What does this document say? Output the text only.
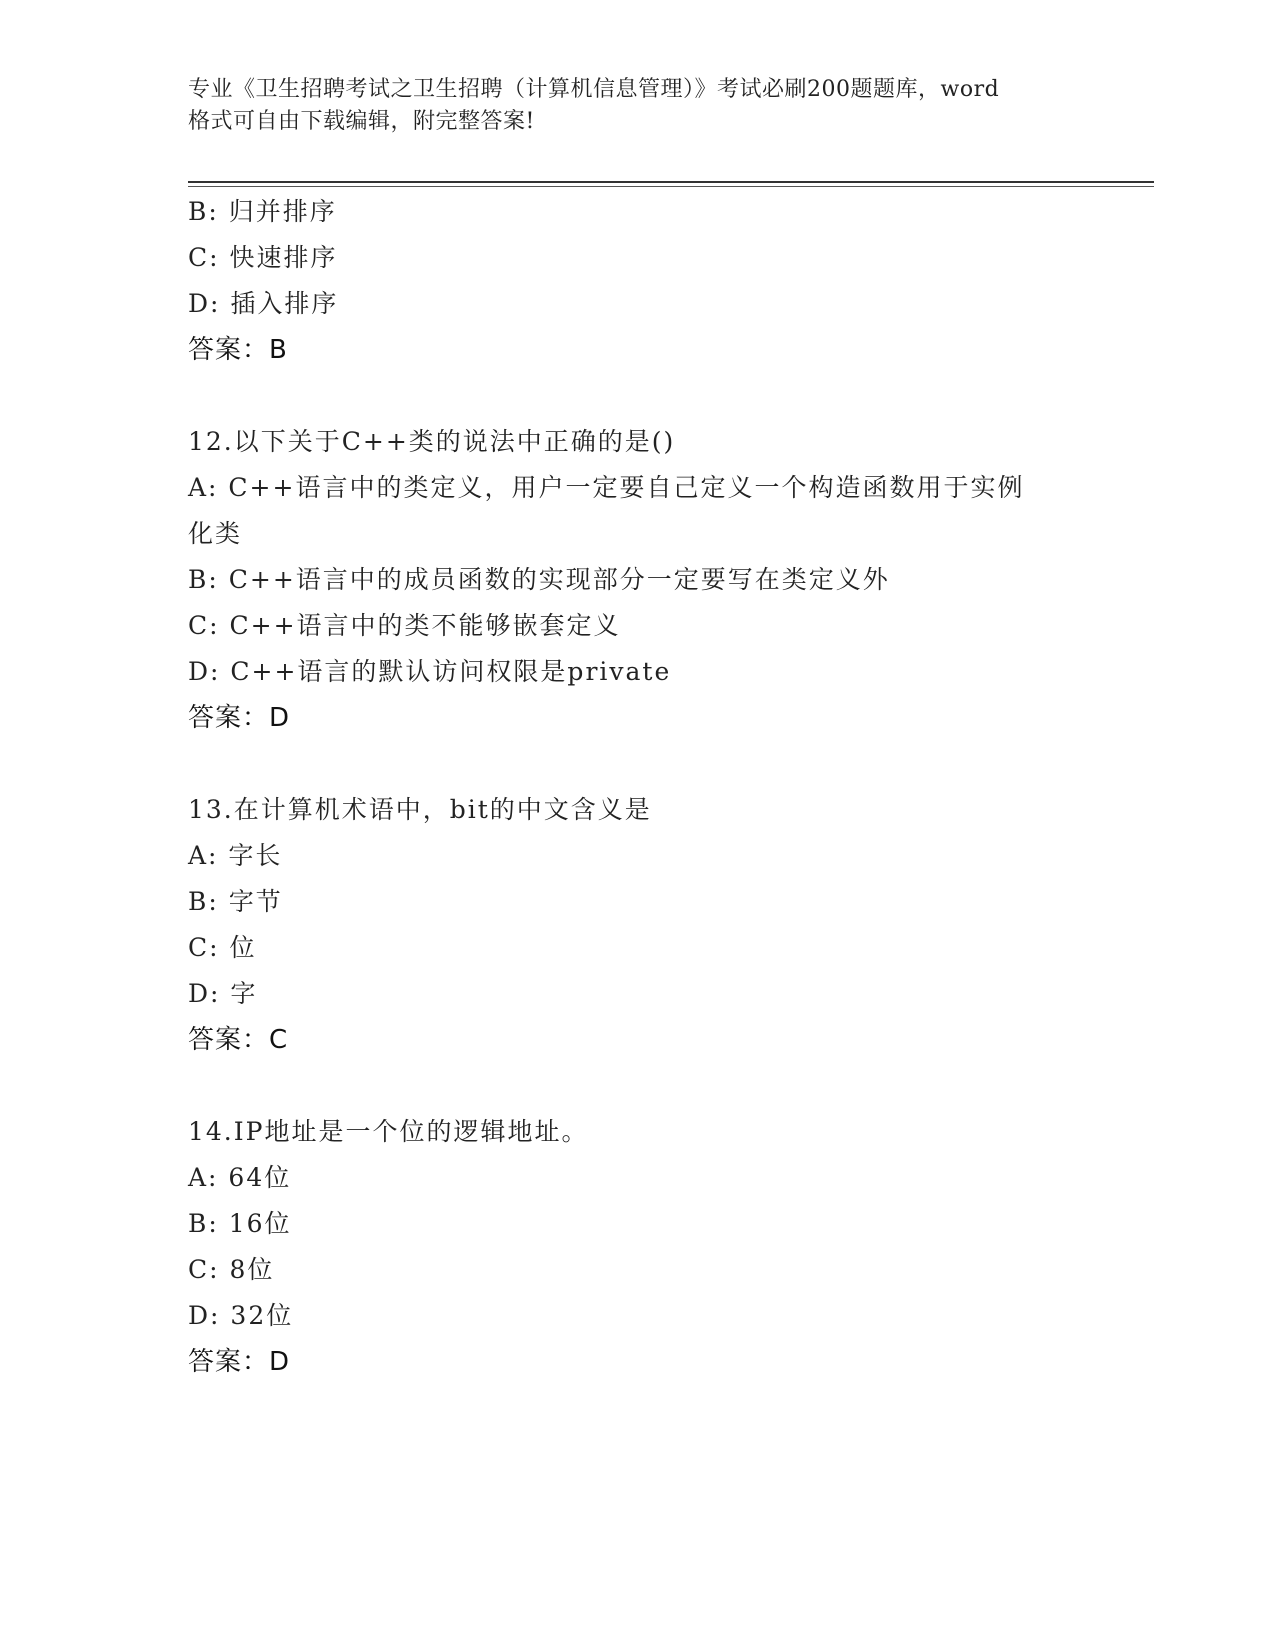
专业《卫生招聘考试之卫生招聘（计算机信息管理）》考试必刷200题题库，word
格式可自由下载编辑，附完整答案!
B: 归并排序
C: 快速排序
D: 插入排序
答案：B
12.以下关于C++类的说法中正确的是()
A: C++语言中的类定义，用户一定要自己定义一个构造函数用于实例
化类
B: C++语言中的成员函数的实现部分一定要写在类定义外
C: C++语言中的类不能够嵌套定义
D: C++语言的默认访问权限是private
答案：D
13.在计算机术语中，bit的中文含义是
A: 字长
B: 字节
C: 位
D: 字
答案：C
14.IP地址是一个位的逻辑地址。
A: 64位
B: 16位
C: 8位
D: 32位
答案：D
